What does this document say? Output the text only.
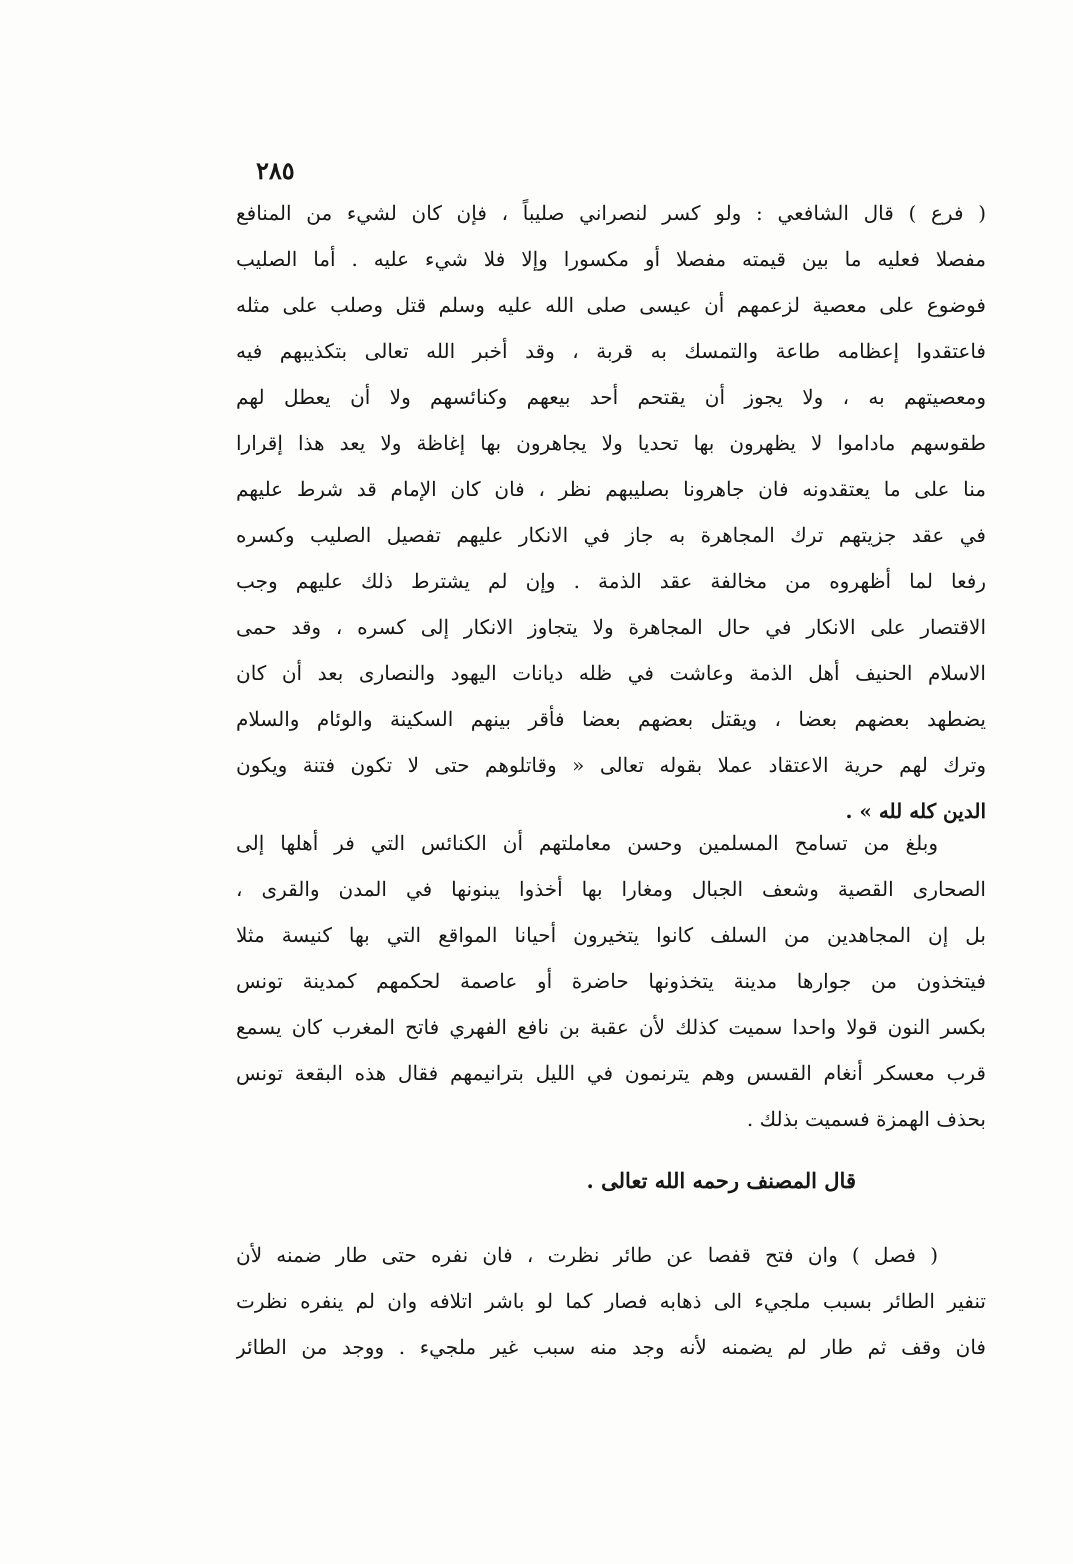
٢٨٥
( فرع ) قال الشافعي : ولو كسر لنصراني صليباً ، فإن كان لشيء من المنافع
مفصلا فعليه ما بين قيمته مفصلا أو مكسورا وإلا فلا شيء عليه . أما الصليب
فوضوع على معصية لزعمهم أن عيسى صلى الله عليه وسلم قتل وصلب على مثله
فاعتقدوا إعظامه طاعة والتمسك به قربة ، وقد أخبر الله تعالى بتكذيبهم فيه
ومعصيتهم به ، ولا يجوز أن يقتحم أحد بيعهم وكنائسهم ولا أن يعطل لهم
طقوسهم ماداموا لا يظهرون بها تحديا ولا يجاهرون بها إغاظة ولا يعد هذا إقرارا
منا على ما يعتقدونه فان جاهرونا بصليبهم نظر ، فان كان الإمام قد شرط عليهم
في عقد جزيتهم ترك المجاهرة به جاز في الانكار عليهم تفصيل الصليب وكسره
رفعا لما أظهروه من مخالفة عقد الذمة . وإن لم يشترط ذلك عليهم وجب
الاقتصار على الانكار في حال المجاهرة ولا يتجاوز الانكار إلى كسره ، وقد حمى
الاسلام الحنيف أهل الذمة وعاشت في ظله ديانات اليهود والنصارى بعد أن كان
يضطهد بعضهم بعضا ، ويقتل بعضهم بعضا فأقر بينهم السكينة والوئام والسلام
وترك لهم حرية الاعتقاد عملا بقوله تعالى « وقاتلوهم حتى لا تكون فتنة ويكون
الدين كله لله » .
وبلغ من تسامح المسلمين وحسن معاملتهم أن الكنائس التي فر أهلها إلى
الصحارى القصية وشعف الجبال ومغارا بها أخذوا يبنونها في المدن والقرى ،
بل إن المجاهدين من السلف كانوا يتخيرون أحيانا المواقع التي بها كنيسة مثلا
فيتخذون من جوارها مدينة يتخذونها حاضرة أو عاصمة لحكمهم كمدينة تونس
بكسر النون قولا واحدا سميت كذلك لأن عقبة بن نافع الفهري فاتح المغرب كان يسمع
قرب معسكر أنغام القسس وهم يترنمون في الليل بترانيمهم فقال هذه البقعة تونس
بحذف الهمزة فسميت بذلك .
قال المصنف رحمه الله تعالى .
( فصل ) وان فتح قفصا عن طائر نظرت ، فان نفره حتى طار ضمنه لأن
تنفير الطائر بسبب ملجيء الى ذهابه فصار كما لو باشر اتلافه وان لم ينفره نظرت
فان وقف ثم طار لم يضمنه لأنه وجد منه سبب غير ملجيء . ووجد من الطائر
